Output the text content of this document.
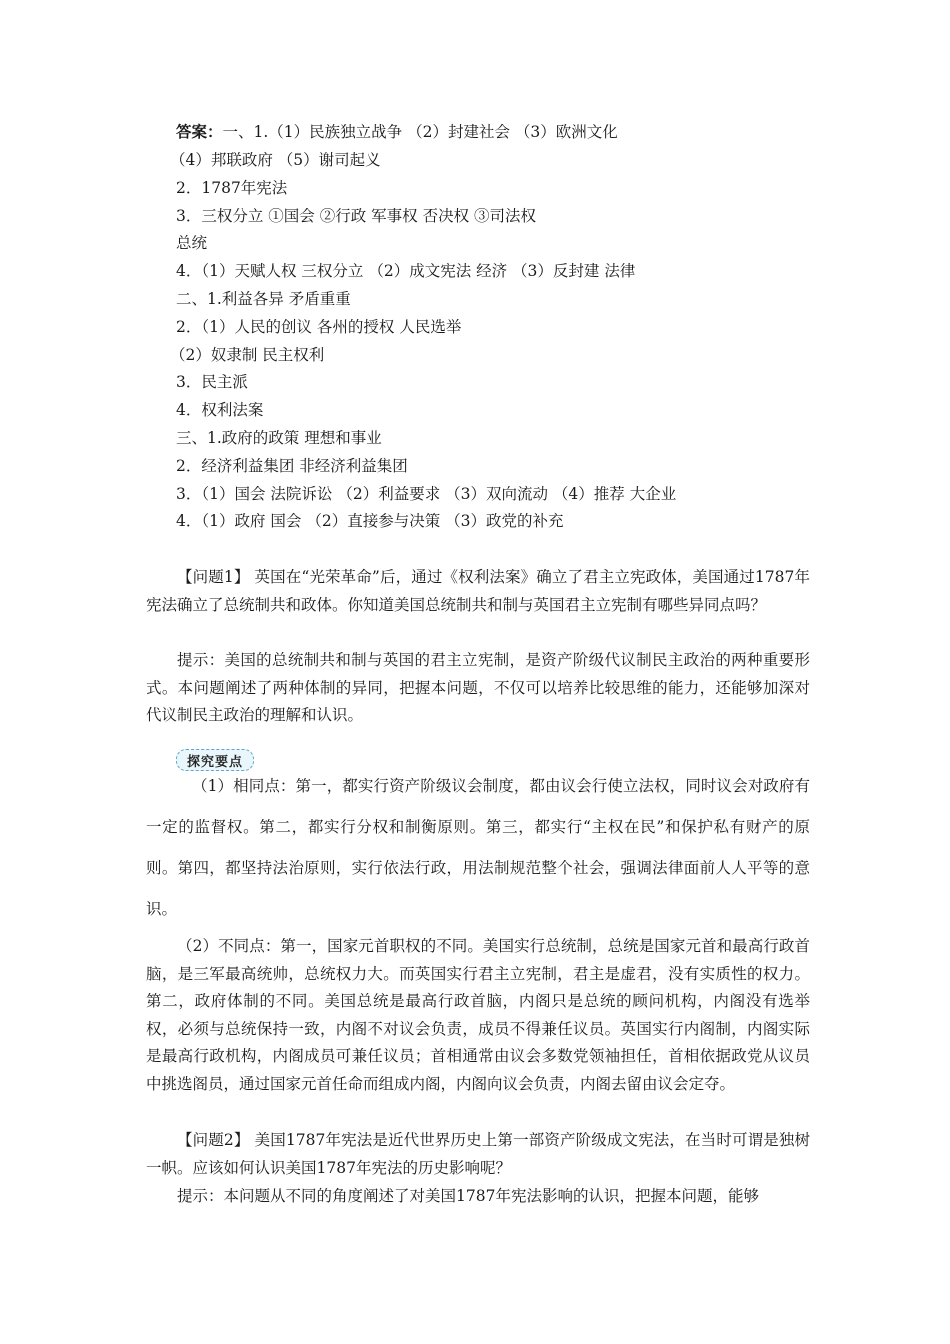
答案：一、1.（1）民族独立战争 （2）封建社会 （3）欧洲文化
（4）邦联政府 （5）谢司起义
2．1787年宪法
3．三权分立 ①国会 ②行政 军事权 否决权 ③司法权
总统
4．（1）天赋人权 三权分立 （2）成文宪法 经济 （3）反封建 法律
二、1.利益各异 矛盾重重
2．（1）人民的创议 各州的授权 人民选举
（2）奴隶制 民主权利
3．民主派
4．权利法案
三、1.政府的政策 理想和事业
2．经济利益集团 非经济利益集团
3．（1）国会 法院诉讼 （2）利益要求 （3）双向流动 （4）推荐 大企业
4．（1）政府 国会 （2）直接参与决策 （3）政党的补充

【问题1】 英国在“光荣革命”后，通过《权利法案》确立了君主立宪政体，美国通过1787年宪法确立了总统制共和政体。你知道美国总统制共和制与英国君主立宪制有哪些异同点吗？

提示：美国的总统制共和制与英国的君主立宪制，是资产阶级代议制民主政治的两种重要形式。本问题阐述了两种体制的异同，把握本问题，不仅可以培养比较思维的能力，还能够加深对代议制民主政治的理解和认识。

探究要点

（1）相同点：第一，都实行资产阶级议会制度，都由议会行使立法权，同时议会对政府有一定的监督权。第二，都实行分权和制衡原则。第三，都实行“主权在民”和保护私有财产的原则。第四，都坚持法治原则，实行依法行政，用法制规范整个社会，强调法律面前人人平等的意识。

（2）不同点：第一，国家元首职权的不同。美国实行总统制，总统是国家元首和最高行政首脑，是三军最高统帅，总统权力大。而英国实行君主立宪制，君主是虚君，没有实质性的权力。第二，政府体制的不同。美国总统是最高行政首脑，内阁只是总统的顾问机构，内阁没有选举权，必须与总统保持一致，内阁不对议会负责，成员不得兼任议员。英国实行内阁制，内阁实际是最高行政机构，内阁成员可兼任议员；首相通常由议会多数党领袖担任，首相依据政党从议员中挑选阁员，通过国家元首任命而组成内阁，内阁向议会负责，内阁去留由议会定夺。

【问题2】 美国1787年宪法是近代世界历史上第一部资产阶级成文宪法，在当时可谓是独树一帜。应该如何认识美国1787年宪法的历史影响呢？

提示：本问题从不同的角度阐述了对美国1787年宪法影响的认识，把握本问题，能够
